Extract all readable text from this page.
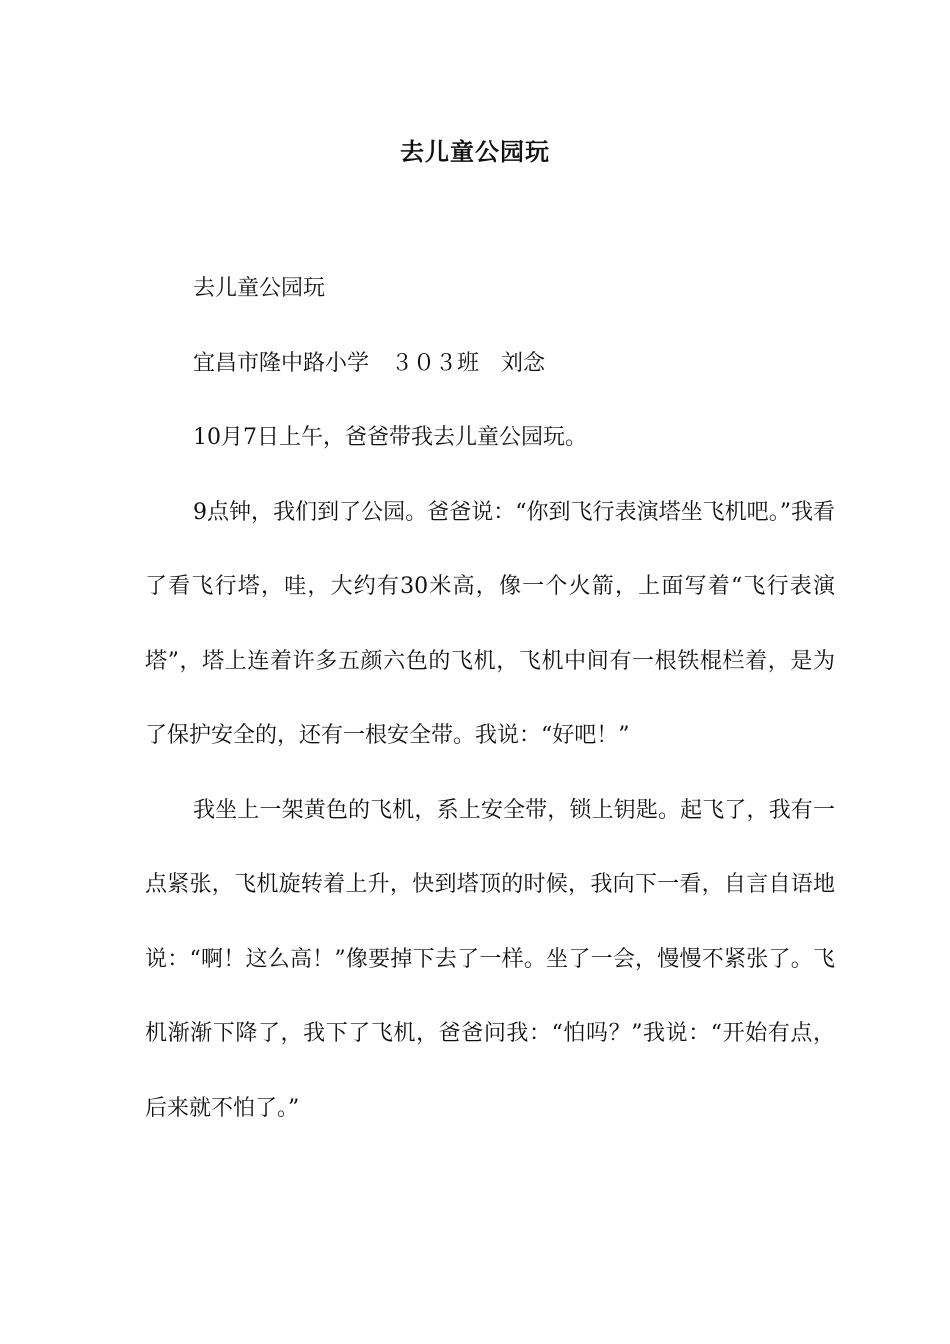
去儿童公园玩

去儿童公园玩

宜昌市隆中路小学　３０３班　刘念

10月7日上午，爸爸带我去儿童公园玩。

9点钟，我们到了公园。爸爸说：“你到飞行表演塔坐飞机吧。”我看了看飞行塔，哇，大约有30米高，像一个火箭，上面写着“飞行表演塔”，塔上连着许多五颜六色的飞机，飞机中间有一根铁棍栏着，是为了保护安全的，还有一根安全带。我说：“好吧！”

我坐上一架黄色的飞机，系上安全带，锁上钥匙。起飞了，我有一点紧张，飞机旋转着上升，快到塔顶的时候，我向下一看，自言自语地说：“啊！这么高！”像要掉下去了一样。坐了一会，慢慢不紧张了。飞机渐渐下降了，我下了飞机，爸爸问我：“怕吗？”我说：“开始有点，后来就不怕了。”
